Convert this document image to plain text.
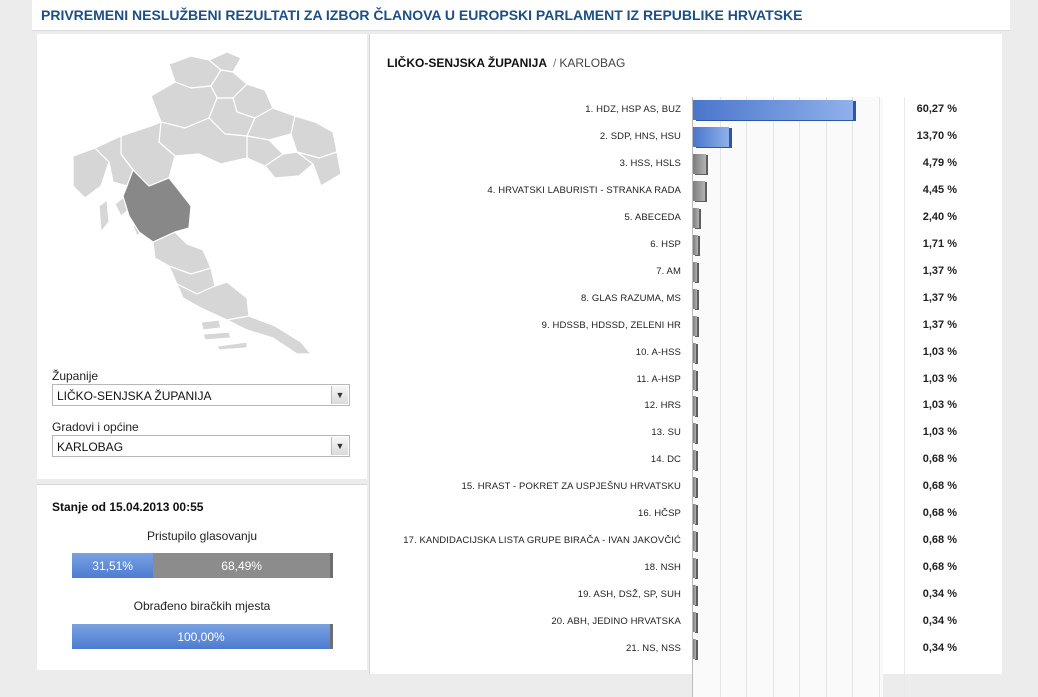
PRIVREMENI NESLUŽBENI REZULTATI ZA IZBOR ČLANOVA U EUROPSKI PARLAMENT IZ REPUBLIKE HRVATSKE
Županije
LIČKO-SENJSKA ŽUPANIJA	▼
Gradovi i općine
KARLOBAG	▼
Stanje od 15.04.2013 00:55
Pristupilo glasovanju
31,51%	68,49%
Obrađeno biračkih mjesta
100,00%
LIČKO-SENJSKA ŽUPANIJA / KARLOBAG
1. HDZ, HSP AS, BUZ	60,27 %
2. SDP, HNS, HSU	13,70 %
3. HSS, HSLS	4,79 %
4. HRVATSKI LABURISTI - STRANKA RADA	4,45 %
5. ABECEDA	2,40 %
6. HSP	1,71 %
7. AM	1,37 %
8. GLAS RAZUMA, MS	1,37 %
9. HDSSB, HDSSD, ZELENI HR	1,37 %
10. A-HSS	1,03 %
11. A-HSP	1,03 %
12. HRS	1,03 %
13. SU	1,03 %
14. DC	0,68 %
15. HRAST - POKRET ZA USPJEŠNU HRVATSKU	0,68 %
16. HČSP	0,68 %
17. KANDIDACIJSKA LISTA GRUPE BIRAČA - IVAN JAKOVČIĆ	0,68 %
18. NSH	0,68 %
19. ASH, DSŽ, SP, SUH	0,34 %
20. ABH, JEDINO HRVATSKA	0,34 %
21. NS, NSS	0,34 %
